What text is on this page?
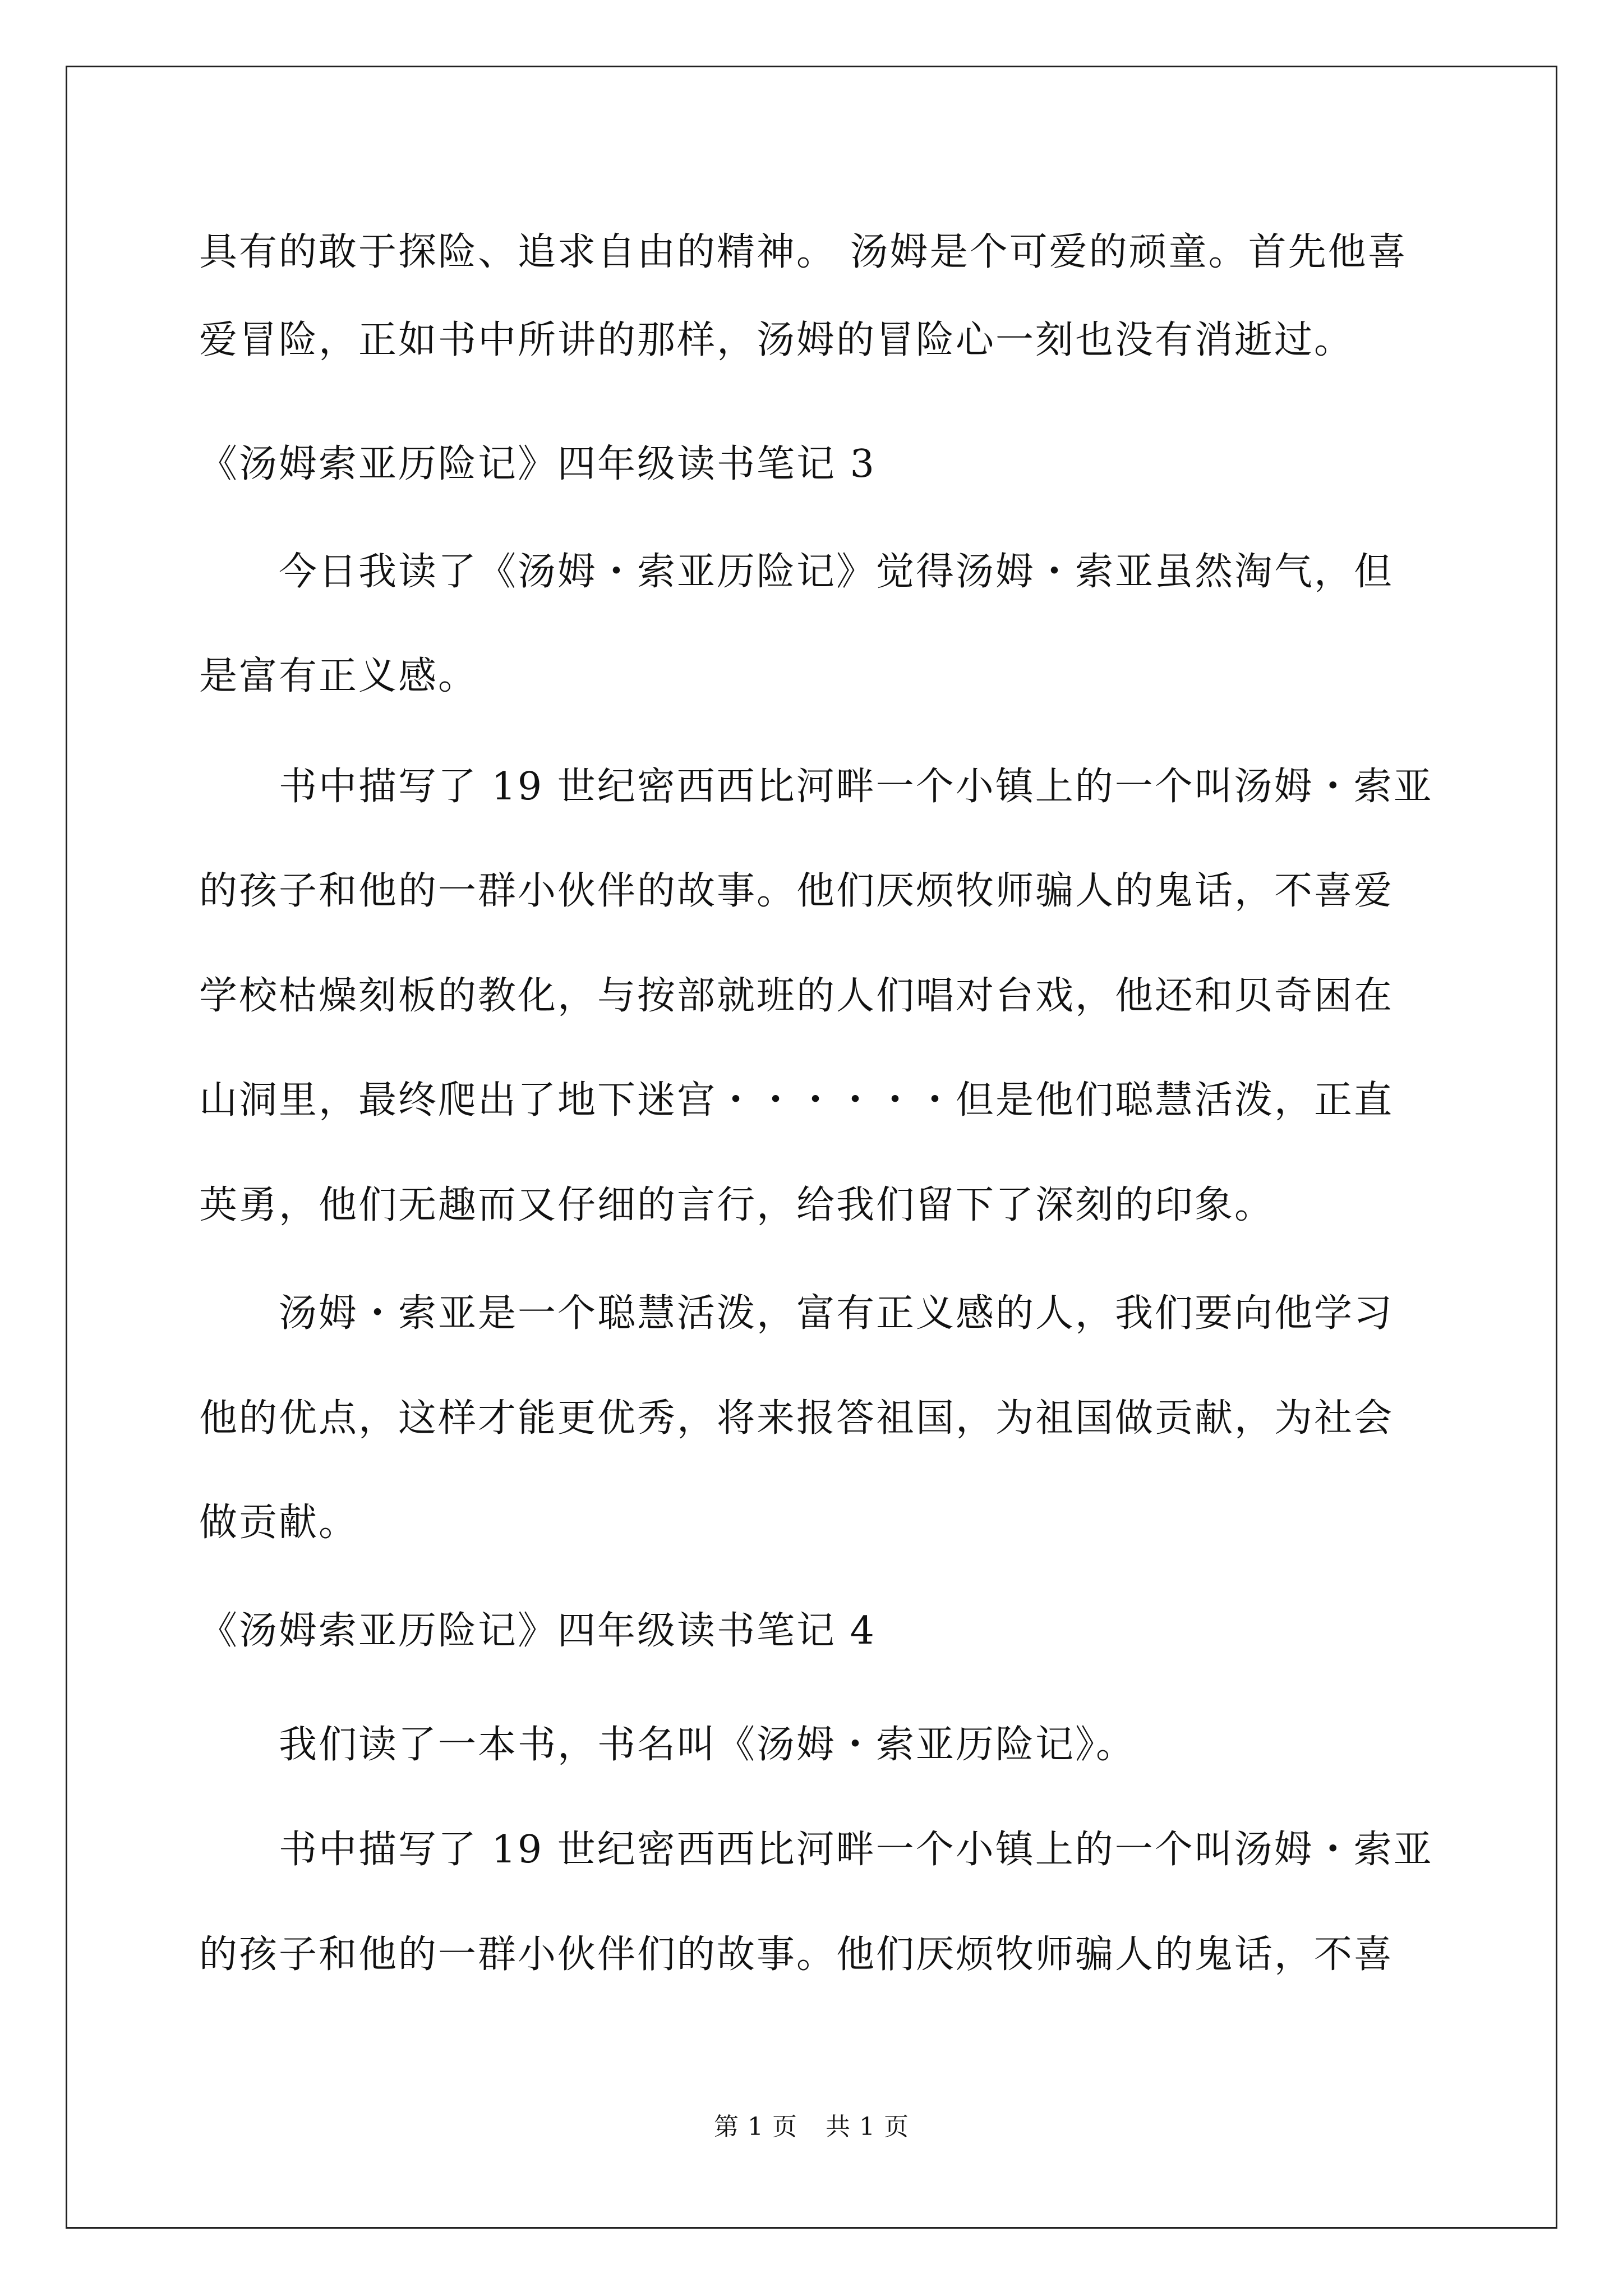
具有的敢于探险、追求自由的精神。 汤姆是个可爱的顽童。首先他喜
爱冒险，正如书中所讲的那样，汤姆的冒险心一刻也没有消逝过。
《汤姆索亚历险记》四年级读书笔记 3
　　今日我读了《汤姆・索亚历险记》觉得汤姆・索亚虽然淘气，但
是富有正义感。
　　书中描写了 19 世纪密西西比河畔一个小镇上的一个叫汤姆・索亚
的孩子和他的一群小伙伴的故事。他们厌烦牧师骗人的鬼话，不喜爱
学校枯燥刻板的教化，与按部就班的人们唱对台戏，他还和贝奇困在
山洞里，最终爬出了地下迷宫・・・・・・但是他们聪慧活泼，正直
英勇，他们无趣而又仔细的言行，给我们留下了深刻的印象。
　　汤姆・索亚是一个聪慧活泼，富有正义感的人，我们要向他学习
他的优点，这样才能更优秀，将来报答祖国，为祖国做贡献，为社会
做贡献。
《汤姆索亚历险记》四年级读书笔记 4
　　我们读了一本书，书名叫《汤姆・索亚历险记》。
　　书中描写了 19 世纪密西西比河畔一个小镇上的一个叫汤姆・索亚
的孩子和他的一群小伙伴们的故事。他们厌烦牧师骗人的鬼话，不喜
第 1 页 共 1 页
